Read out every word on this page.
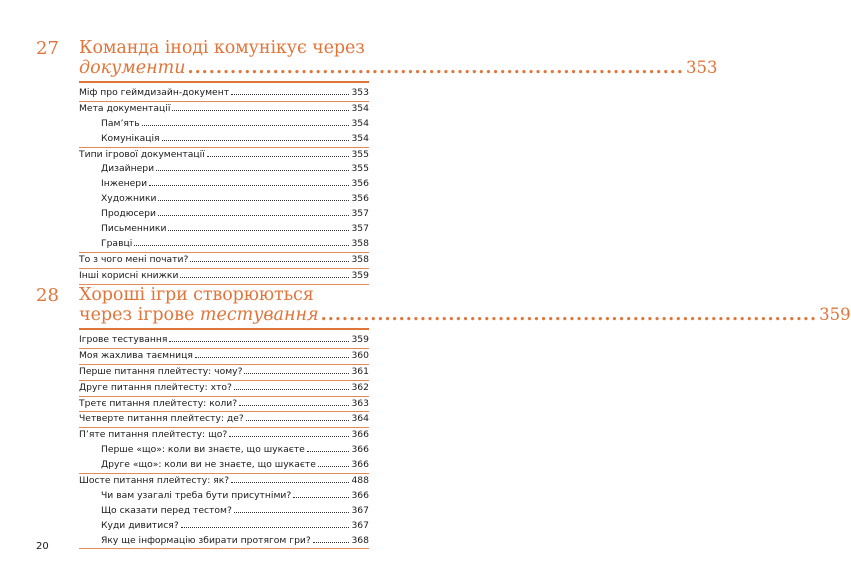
27 Команда іноді комунікує через
документи ...................................................................... 353
Міф про геймдизайн-документ	353
Мета документації	354
Пам’ять	354
Комунікація	354
Типи ігрової документації	355
Дизайнери	355
Інженери	356
Художники	356
Продюсери	357
Письменники	357
Гравці	358
То з чого мені почати?	358
Інші корисні книжки	359
28 Хороші ігри створюються
через ігрове тестування ...................................................................... 359
Ігрове тестування	359
Моя жахлива таємниця	360
Перше питання плейтесту: чому?	361
Друге питання плейтесту: хто?	362
Третє питання плейтесту: коли?	363
Четверте питання плейтесту: де?	364
П’яте питання плейтесту: що?	366
Перше «що»: коли ви знаєте, що шукаєте	366
Друге «що»: коли ви не знаєте, що шукаєте	366
Шосте питання плейтесту: як?	488
Чи вам узагалі треба бути присутніми?	366
Що сказати перед тестом?	367
Куди дивитися?	367
Яку ще інформацію збирати протягом гри?	368
20
